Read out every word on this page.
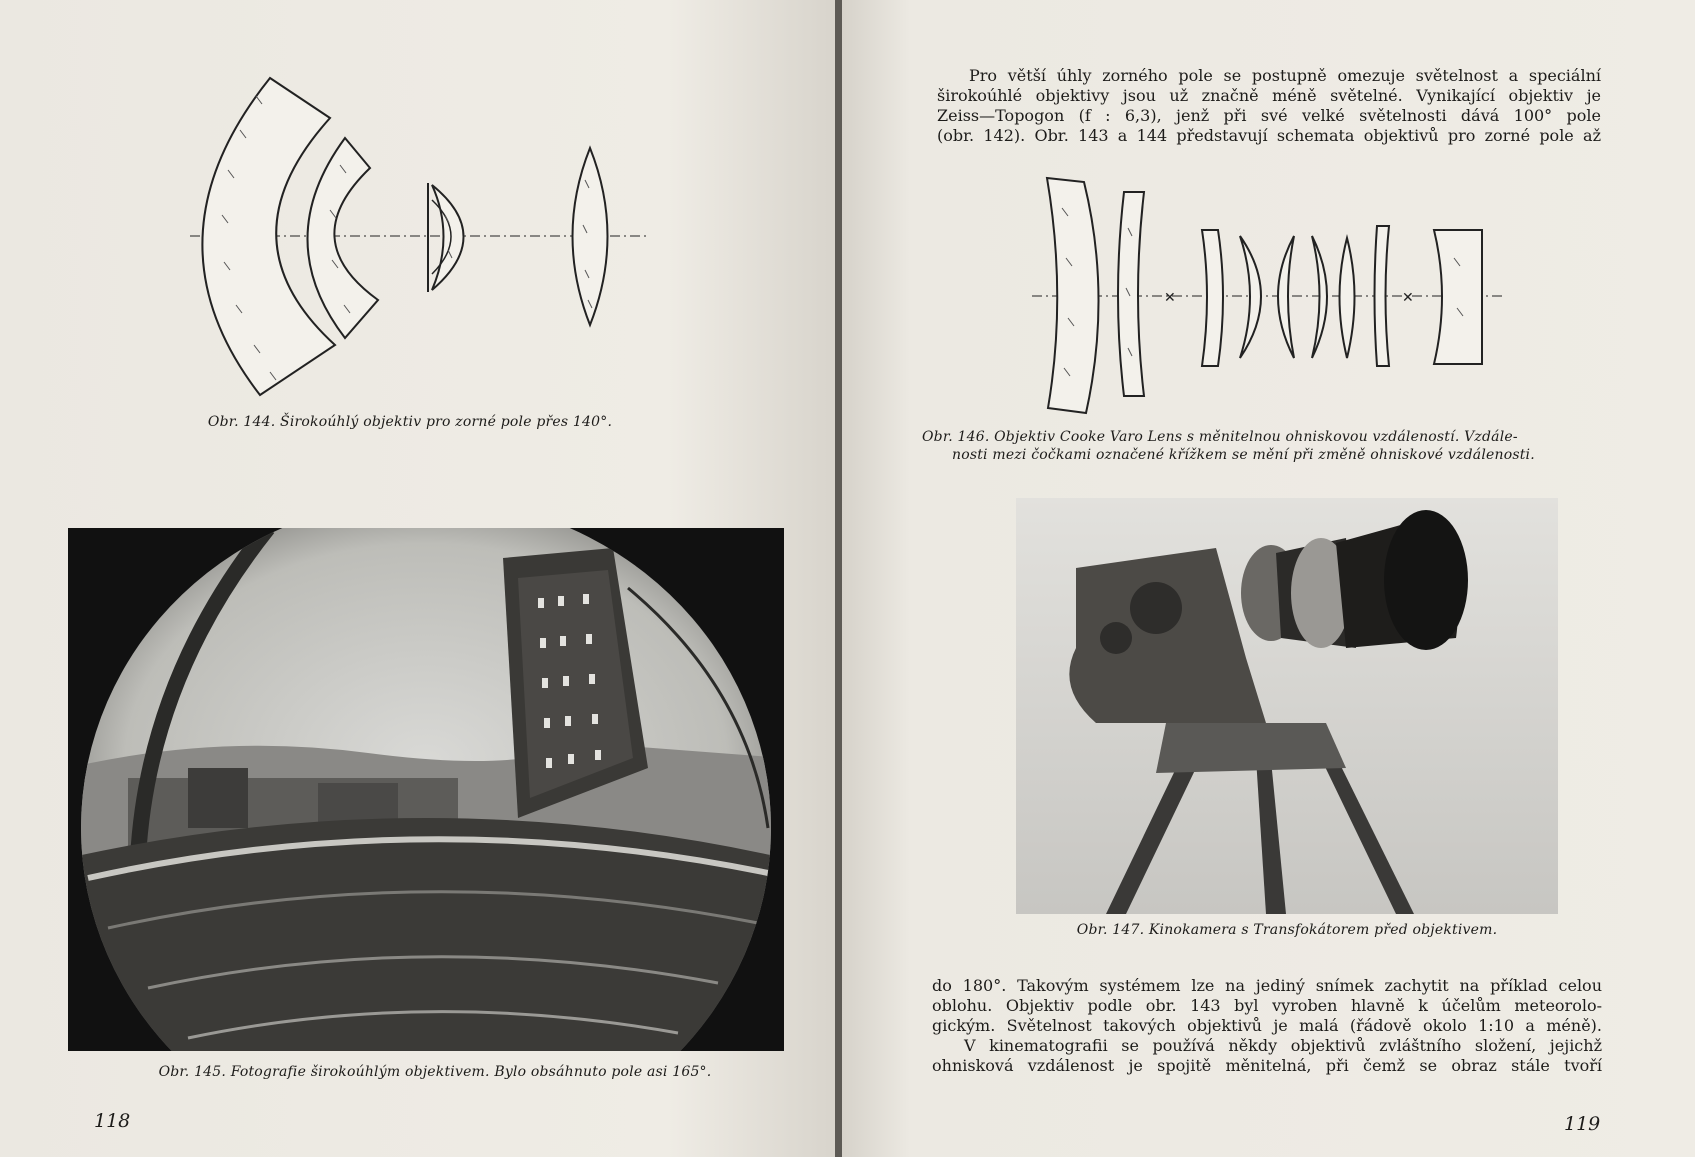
Obr. 144. Širokoúhlý objektiv pro zorné pole přes 140°.
Obr. 145. Fotografie širokoúhlým objektivem. Bylo obsáhnuto pole asi 165°.
118
Pro větší úhly zorného pole se postupně omezuje světelnost a speciální
širokoúhlé objektivy jsou už značně méně světelné. Vynikající objektiv je
Zeiss—Topogon (f : 6,3), jenž při své velké světelnosti dává 100° pole
(obr. 142). Obr. 143 a 144 představují schemata objektivů pro zorné pole až
✕	✕
Obr. 146. Objektiv Cooke Varo Lens s měnitelnou ohniskovou vzdáleností. Vzdále-
nosti mezi čočkami označené křížkem se mění při změně ohniskové vzdálenosti.
Obr. 147. Kinokamera s Transfokátorem před objektivem.
do 180°. Takovým systémem lze na jediný snímek zachytit na příklad celou
oblohu. Objektiv podle obr. 143 byl vyroben hlavně k účelům meteorolo-
gickým. Světelnost takových objektivů je malá (řádově okolo 1:10 a méně).
V kinematografii se používá někdy objektivů zvláštního složení, jejichž
ohnisková vzdálenost je spojitě měnitelná, při čemž se obraz stále tvoří
119
